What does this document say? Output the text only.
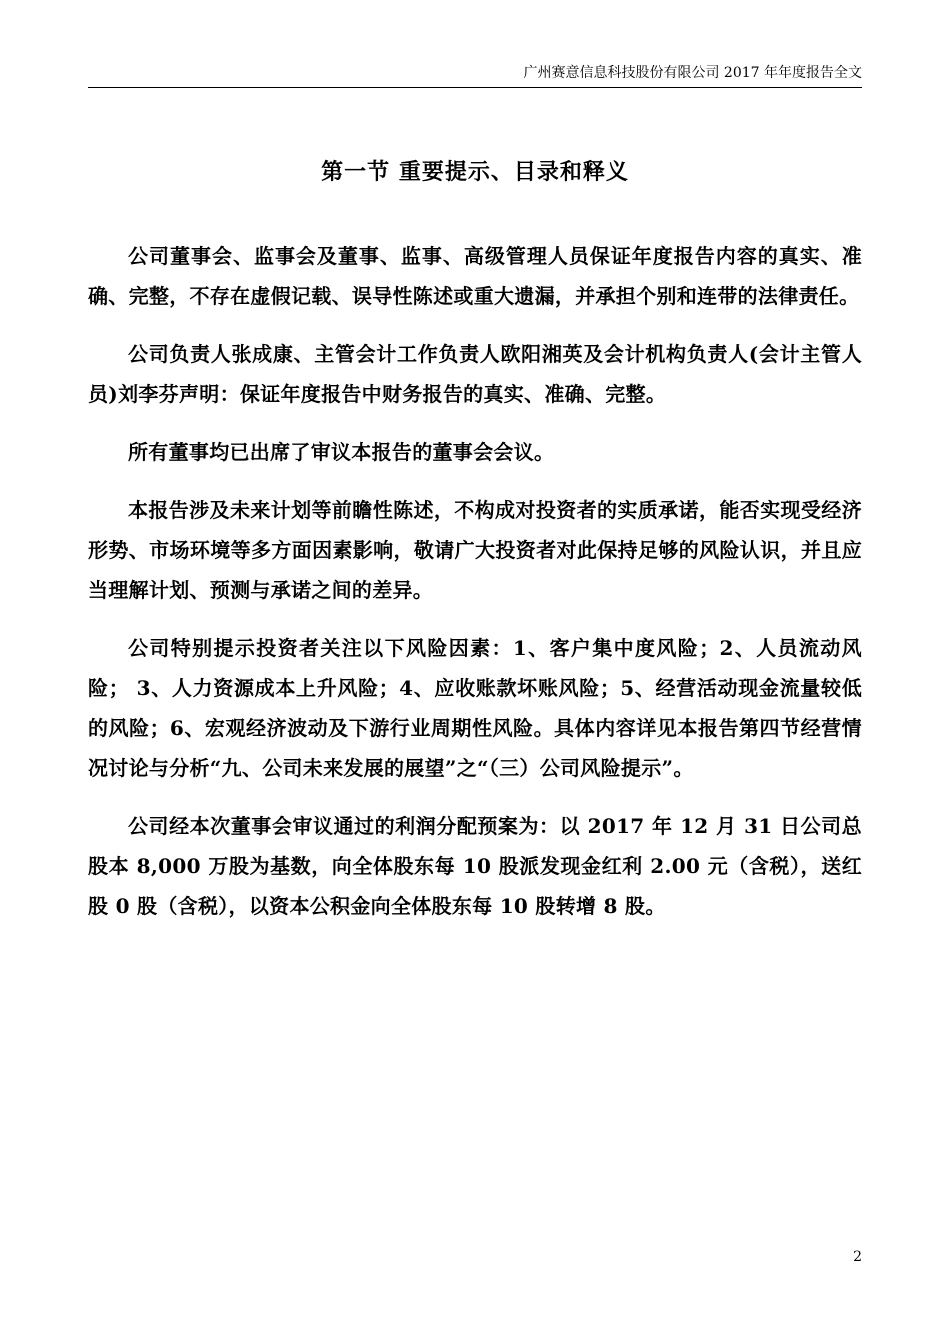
广州赛意信息科技股份有限公司 2017 年年度报告全文
第一节 重要提示、目录和释义

公司董事会、监事会及董事、监事、高级管理人员保证年度报告内容的真实、准确、完整，不存在虚假记载、误导性陈述或重大遗漏，并承担个别和连带的法律责任。

公司负责人张成康、主管会计工作负责人欧阳湘英及会计机构负责人(会计主管人员)刘李芬声明：保证年度报告中财务报告的真实、准确、完整。

所有董事均已出席了审议本报告的董事会会议。

本报告涉及未来计划等前瞻性陈述，不构成对投资者的实质承诺，能否实现受经济形势、市场环境等多方面因素影响，敬请广大投资者对此保持足够的风险认识，并且应当理解计划、预测与承诺之间的差异。

公司特别提示投资者关注以下风险因素：1、客户集中度风险；2、人员流动风险； 3、人力资源成本上升风险；4、应收账款坏账风险；5、经营活动现金流量较低的风险；6、宏观经济波动及下游行业周期性风险。具体内容详见本报告第四节经营情况讨论与分析“九、公司未来发展的展望”之“（三）公司风险提示”。

公司经本次董事会审议通过的利润分配预案为：以 2017 年 12 月 31 日公司总股本 8,000 万股为基数，向全体股东每 10 股派发现金红利 2.00 元（含税），送红股 0 股（含税），以资本公积金向全体股东每 10 股转增 8 股。

2
